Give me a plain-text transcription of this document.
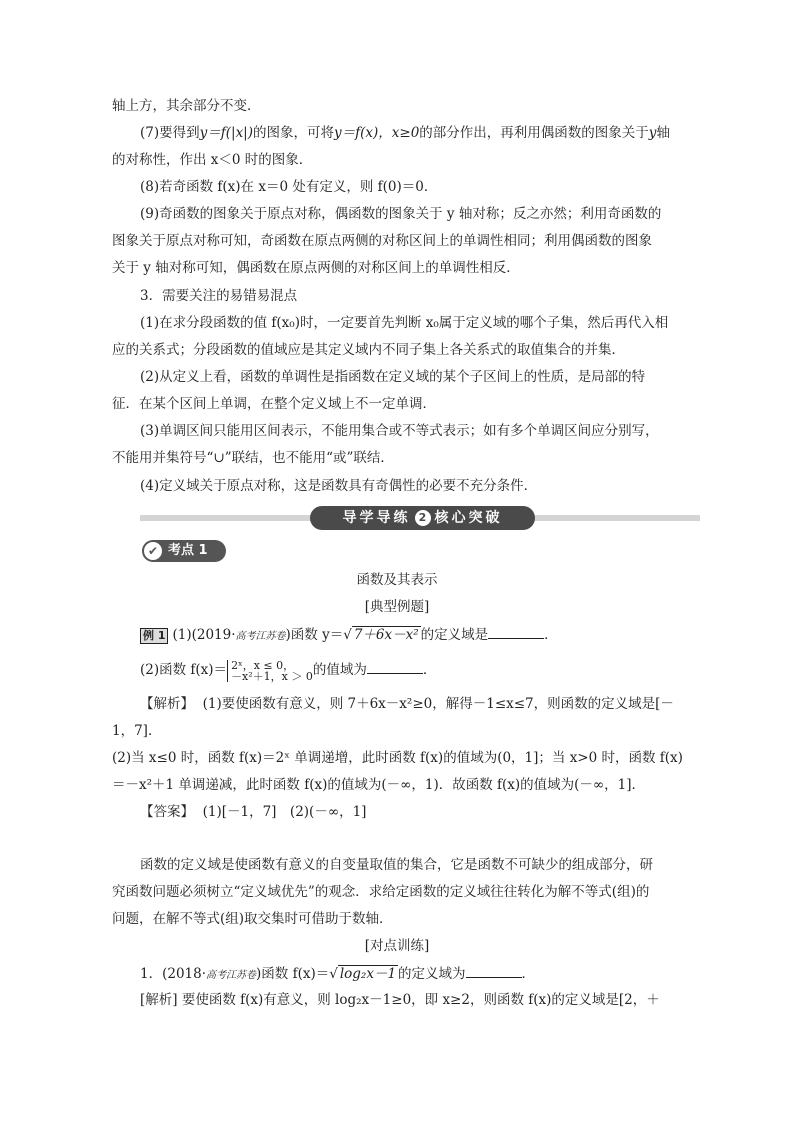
轴上方，其余部分不变．
(7)要得到y＝f(|x|)的图象，可将y＝f(x)，x≥0的部分作出，再利用偶函数的图象关于y轴
的对称性，作出 x＜0 时的图象．
(8)若奇函数 f(x)在 x＝0 处有定义，则 f(0)＝0．
(9)奇函数的图象关于原点对称，偶函数的图象关于 y 轴对称；反之亦然；利用奇函数的
图象关于原点对称可知，奇函数在原点两侧的对称区间上的单调性相同；利用偶函数的图象
关于 y 轴对称可知，偶函数在原点两侧的对称区间上的单调性相反．
3．需要关注的易错易混点
(1)在求分段函数的值 f(x₀)时，一定要首先判断 x₀属于定义域的哪个子集，然后再代入相
应的关系式；分段函数的值域应是其定义域内不同子集上各关系式的取值集合的并集．
(2)从定义上看，函数的单调性是指函数在定义域的某个子区间上的性质，是局部的特
征．在某个区间上单调，在整个定义域上不一定单调．
(3)单调区间只能用区间表示，不能用集合或不等式表示；如有多个单调区间应分别写，
不能用并集符号“∪”联结，也不能用“或”联结．
(4)定义域关于原点对称，这是函数具有奇偶性的必要不充分条件．
导学导练 2 核心突破
✔ 考点 1
函数及其表示
[典型例题]
例 1 (1)(2019·高考江苏卷)函数 y＝√ 7＋6x－x² 的定义域是	．
(2)函数 f(x)＝ 2ˣ，x ≤ 0，
－x²＋1，x ＞ 0 的值域为	．
【解析】 (1)要使函数有意义，则 7＋6x－x²≥0，解得－1≤x≤7，则函数的定义域是[－
1，7]．
(2)当 x≤0 时，函数 f(x)＝2ˣ 单调递增，此时函数 f(x)的值域为(0，1]；当 x>0 时，函数 f(x)
＝－x²＋1 单调递减，此时函数 f(x)的值域为(－∞，1)．故函数 f(x)的值域为(－∞，1]．
【答案】 (1)[－1，7]　(2)(－∞，1]
函数的定义域是使函数有意义的自变量取值的集合，它是函数不可缺少的组成部分，研
究函数问题必须树立“定义域优先”的观念．求给定函数的定义域往往转化为解不等式(组)的
问题，在解不等式(组)取交集时可借助于数轴．
[对点训练]
1．(2018·高考江苏卷)函数 f(x)＝√ log₂x－1 的定义域为	．
[解析] 要使函数 f(x)有意义，则 log₂x－1≥0，即 x≥2，则函数 f(x)的定义域是[2，＋
